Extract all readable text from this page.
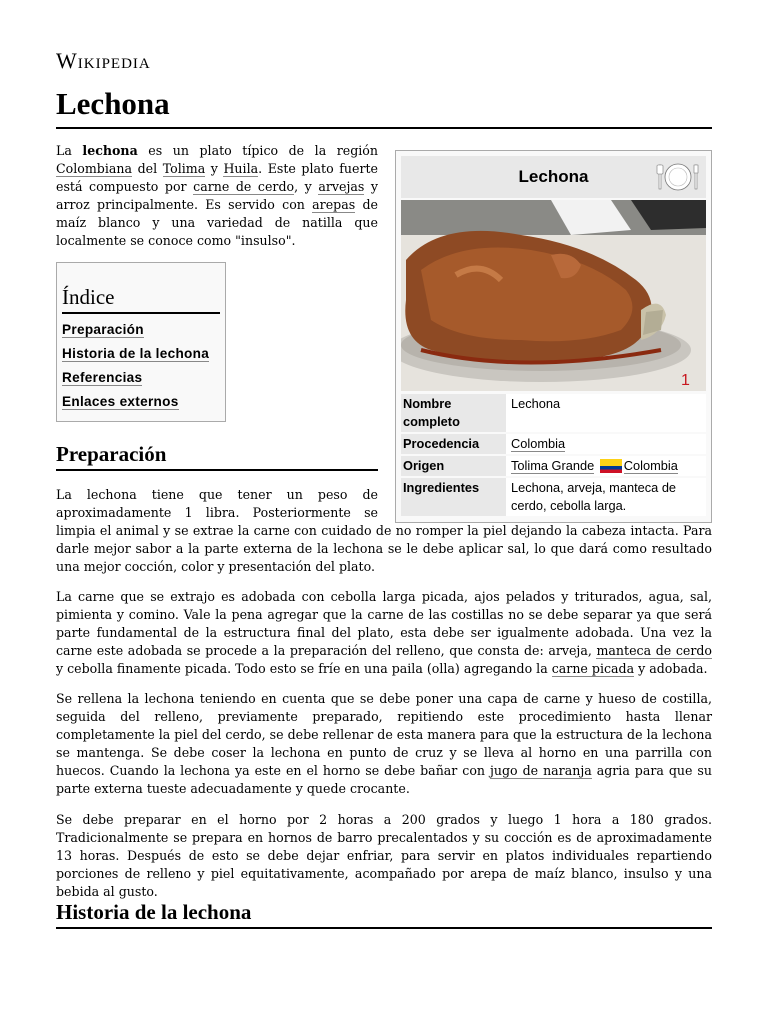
Wikipedia
Lechona

La lechona es un plato típico de la región Colombiana del Tolima y Huila. Este plato fuerte está compuesto por carne de cerdo, y arvejas y arroz principalmente. Es servido con arepas de maíz blanco y una variedad de natilla que localmente se conoce como "insulso".

Índice
Preparación
Historia de la lechona
Referencias
Enlaces externos
Lechona
1
Nombre completo	Lechona
Procedencia	Colombia
Origen	Tolima Grande Colombia
Ingredientes	Lechona, arveja, manteca de cerdo, cebolla larga.
Preparación

La lechona tiene que tener un peso de aproximadamente 1 libra. Posteriormente se limpia el animal y se extrae la carne con cuidado de no romper la piel dejando la cabeza intacta. Para darle mejor sabor a la parte externa de la lechona se le debe aplicar sal, lo que dará como resultado una mejor cocción, color y presentación del plato.

La carne que se extrajo es adobada con cebolla larga picada, ajos pelados y triturados, agua, sal, pimienta y comino. Vale la pena agregar que la carne de las costillas no se debe separar ya que será parte fundamental de la estructura final del plato, esta debe ser igualmente adobada. Una vez la carne este adobada se procede a la preparación del relleno, que consta de: arveja, manteca de cerdo y cebolla finamente picada. Todo esto se fríe en una paila (olla) agregando la carne picada y adobada.

Se rellena la lechona teniendo en cuenta que se debe poner una capa de carne y hueso de costilla, seguida del relleno, previamente preparado, repitiendo este procedimiento hasta llenar completamente la piel del cerdo, se debe rellenar de esta manera para que la estructura de la lechona se mantenga. Se debe coser la lechona en punto de cruz y se lleva al horno en una parrilla con huecos. Cuando la lechona ya este en el horno se debe bañar con jugo de naranja agria para que su parte externa tueste adecuadamente y quede crocante.

Se debe preparar en el horno por 2 horas a 200 grados y luego 1 hora a 180 grados. Tradicionalmente se prepara en hornos de barro precalentados y su cocción es de aproximadamente 13 horas. Después de esto se debe dejar enfriar, para servir en platos individuales repartiendo porciones de relleno y piel equitativamente, acompañado por arepa de maíz blanco, insulso y una bebida al gusto.

Historia de la lechona
